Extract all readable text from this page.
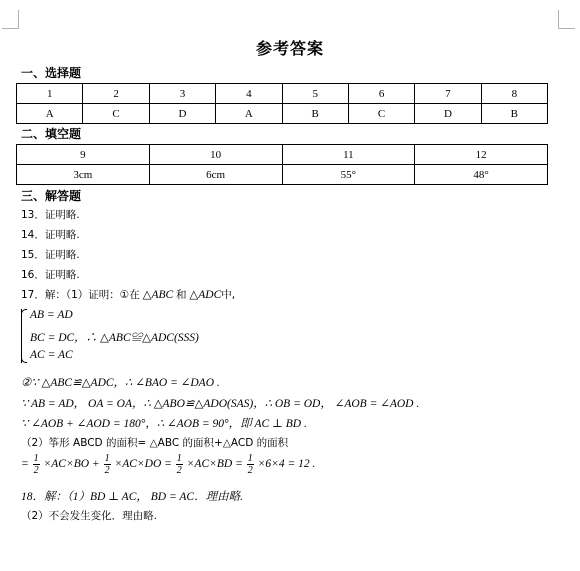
参考答案
一、选择题
1	2	3	4	5	6	7	8
A	C	D	A	B	C	D	B
二、填空题
9	10	11	12
3cm	6cm	55°	48°
三、解答题
13．证明略.
14．证明略.
15．证明略.
16．证明略.
17．解：（1）证明：①在 △ABC 和 △ADC中,
AB = AD
BC = DC，∴ △ABC≌△ADC(SSS)
AC = AC
②∵ △ABC≌△ADC，∴ ∠BAO = ∠DAO .
∵ AB = AD， OA = OA，∴ △ABO≌△ADO(SAS)，∴ OB = OD， ∠AOB = ∠AOD .
∵ ∠AOB + ∠AOD = 180°，∴ ∠AOB = 90°，即 AC ⊥ BD .
（2）筝形 ABCD 的面积= △ABC 的面积+△ACD 的面积
= $\frac{1}{2} \times AC\times BO + \frac{1}{2} \times AC\times DO = \frac{1}{2} \times AC\times BD = \frac{1}{2} \times 6\times 4 = 12$ .
18．解：（1）BD ⊥ AC， BD = AC．理由略.
（2）不会发生变化．理由略.
